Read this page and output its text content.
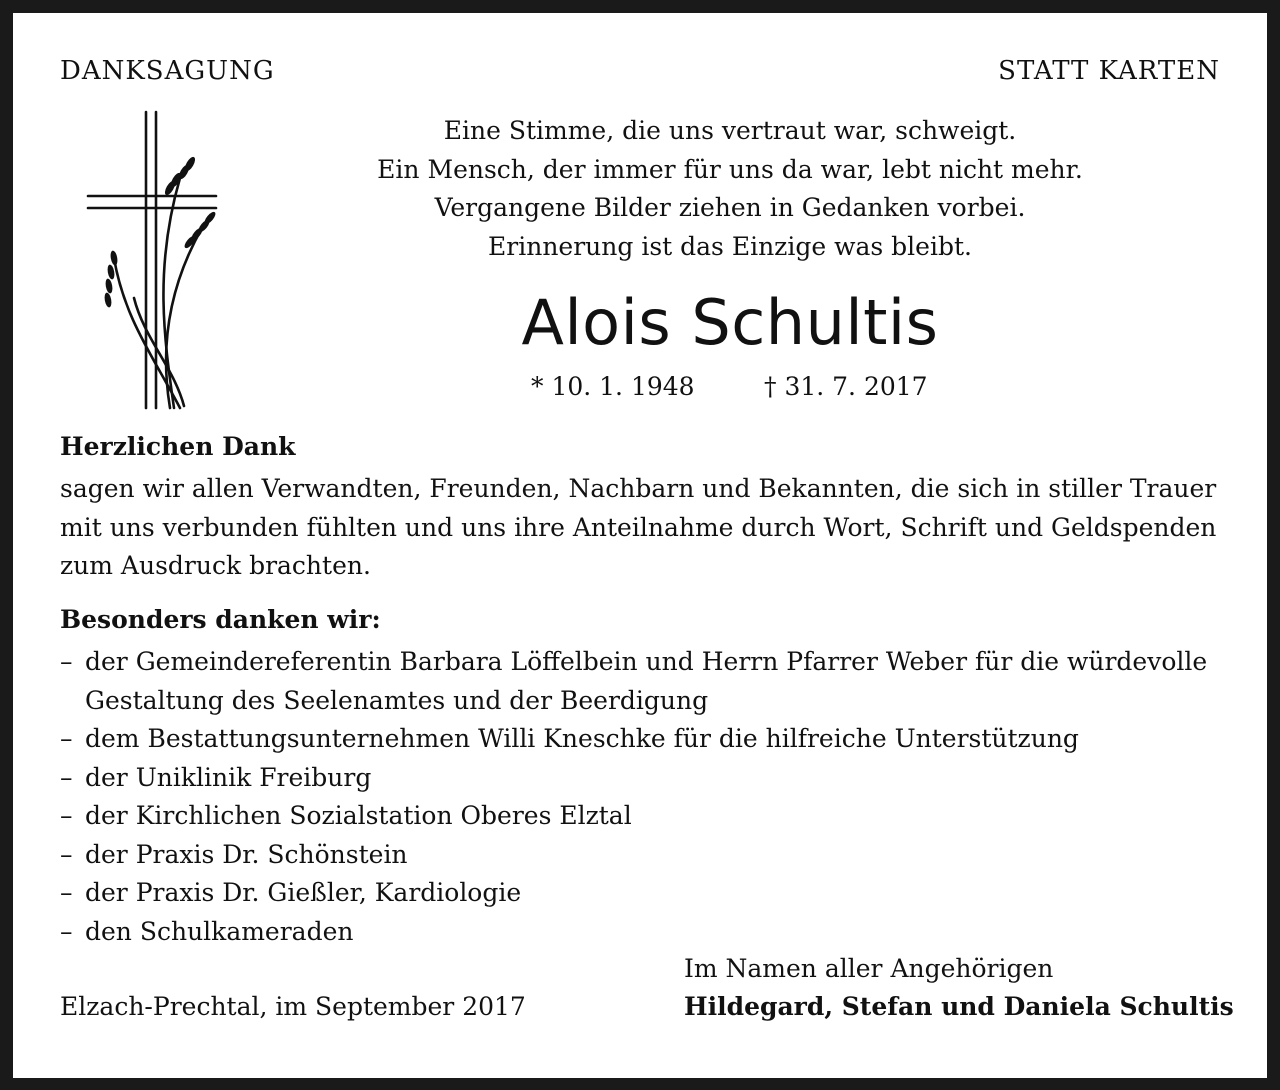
DANKSAGUNG	STATT KARTEN
Eine Stimme, die uns vertraut war, schweigt.
Ein Mensch, der immer für uns da war, lebt nicht mehr.
Vergangene Bilder ziehen in Gedanken vorbei.
Erinnerung ist das Einzige was bleibt.
Alois Schultis
* 10. 1. 1948	† 31. 7. 2017
Herzlichen Dank
sagen wir allen Verwandten, Freunden, Nachbarn und Bekannten, die sich in stiller Trauer
mit uns verbunden fühlten und uns ihre Anteilnahme durch Wort, Schrift und Geldspenden
zum Ausdruck brachten.
Besonders danken wir:
– der Gemeindereferentin Barbara Löffelbein und Herrn Pfarrer Weber für die würdevolle
Gestaltung des Seelenamtes und der Beerdigung
– dem Bestattungsunternehmen Willi Kneschke für die hilfreiche Unterstützung
– der Uniklinik Freiburg
– der Kirchlichen Sozialstation Oberes Elztal
– der Praxis Dr. Schönstein
– der Praxis Dr. Gießler, Kardiologie
– den Schulkameraden
Im Namen aller Angehörigen
Hildegard, Stefan und Daniela Schultis
Elzach-Prechtal, im September 2017
